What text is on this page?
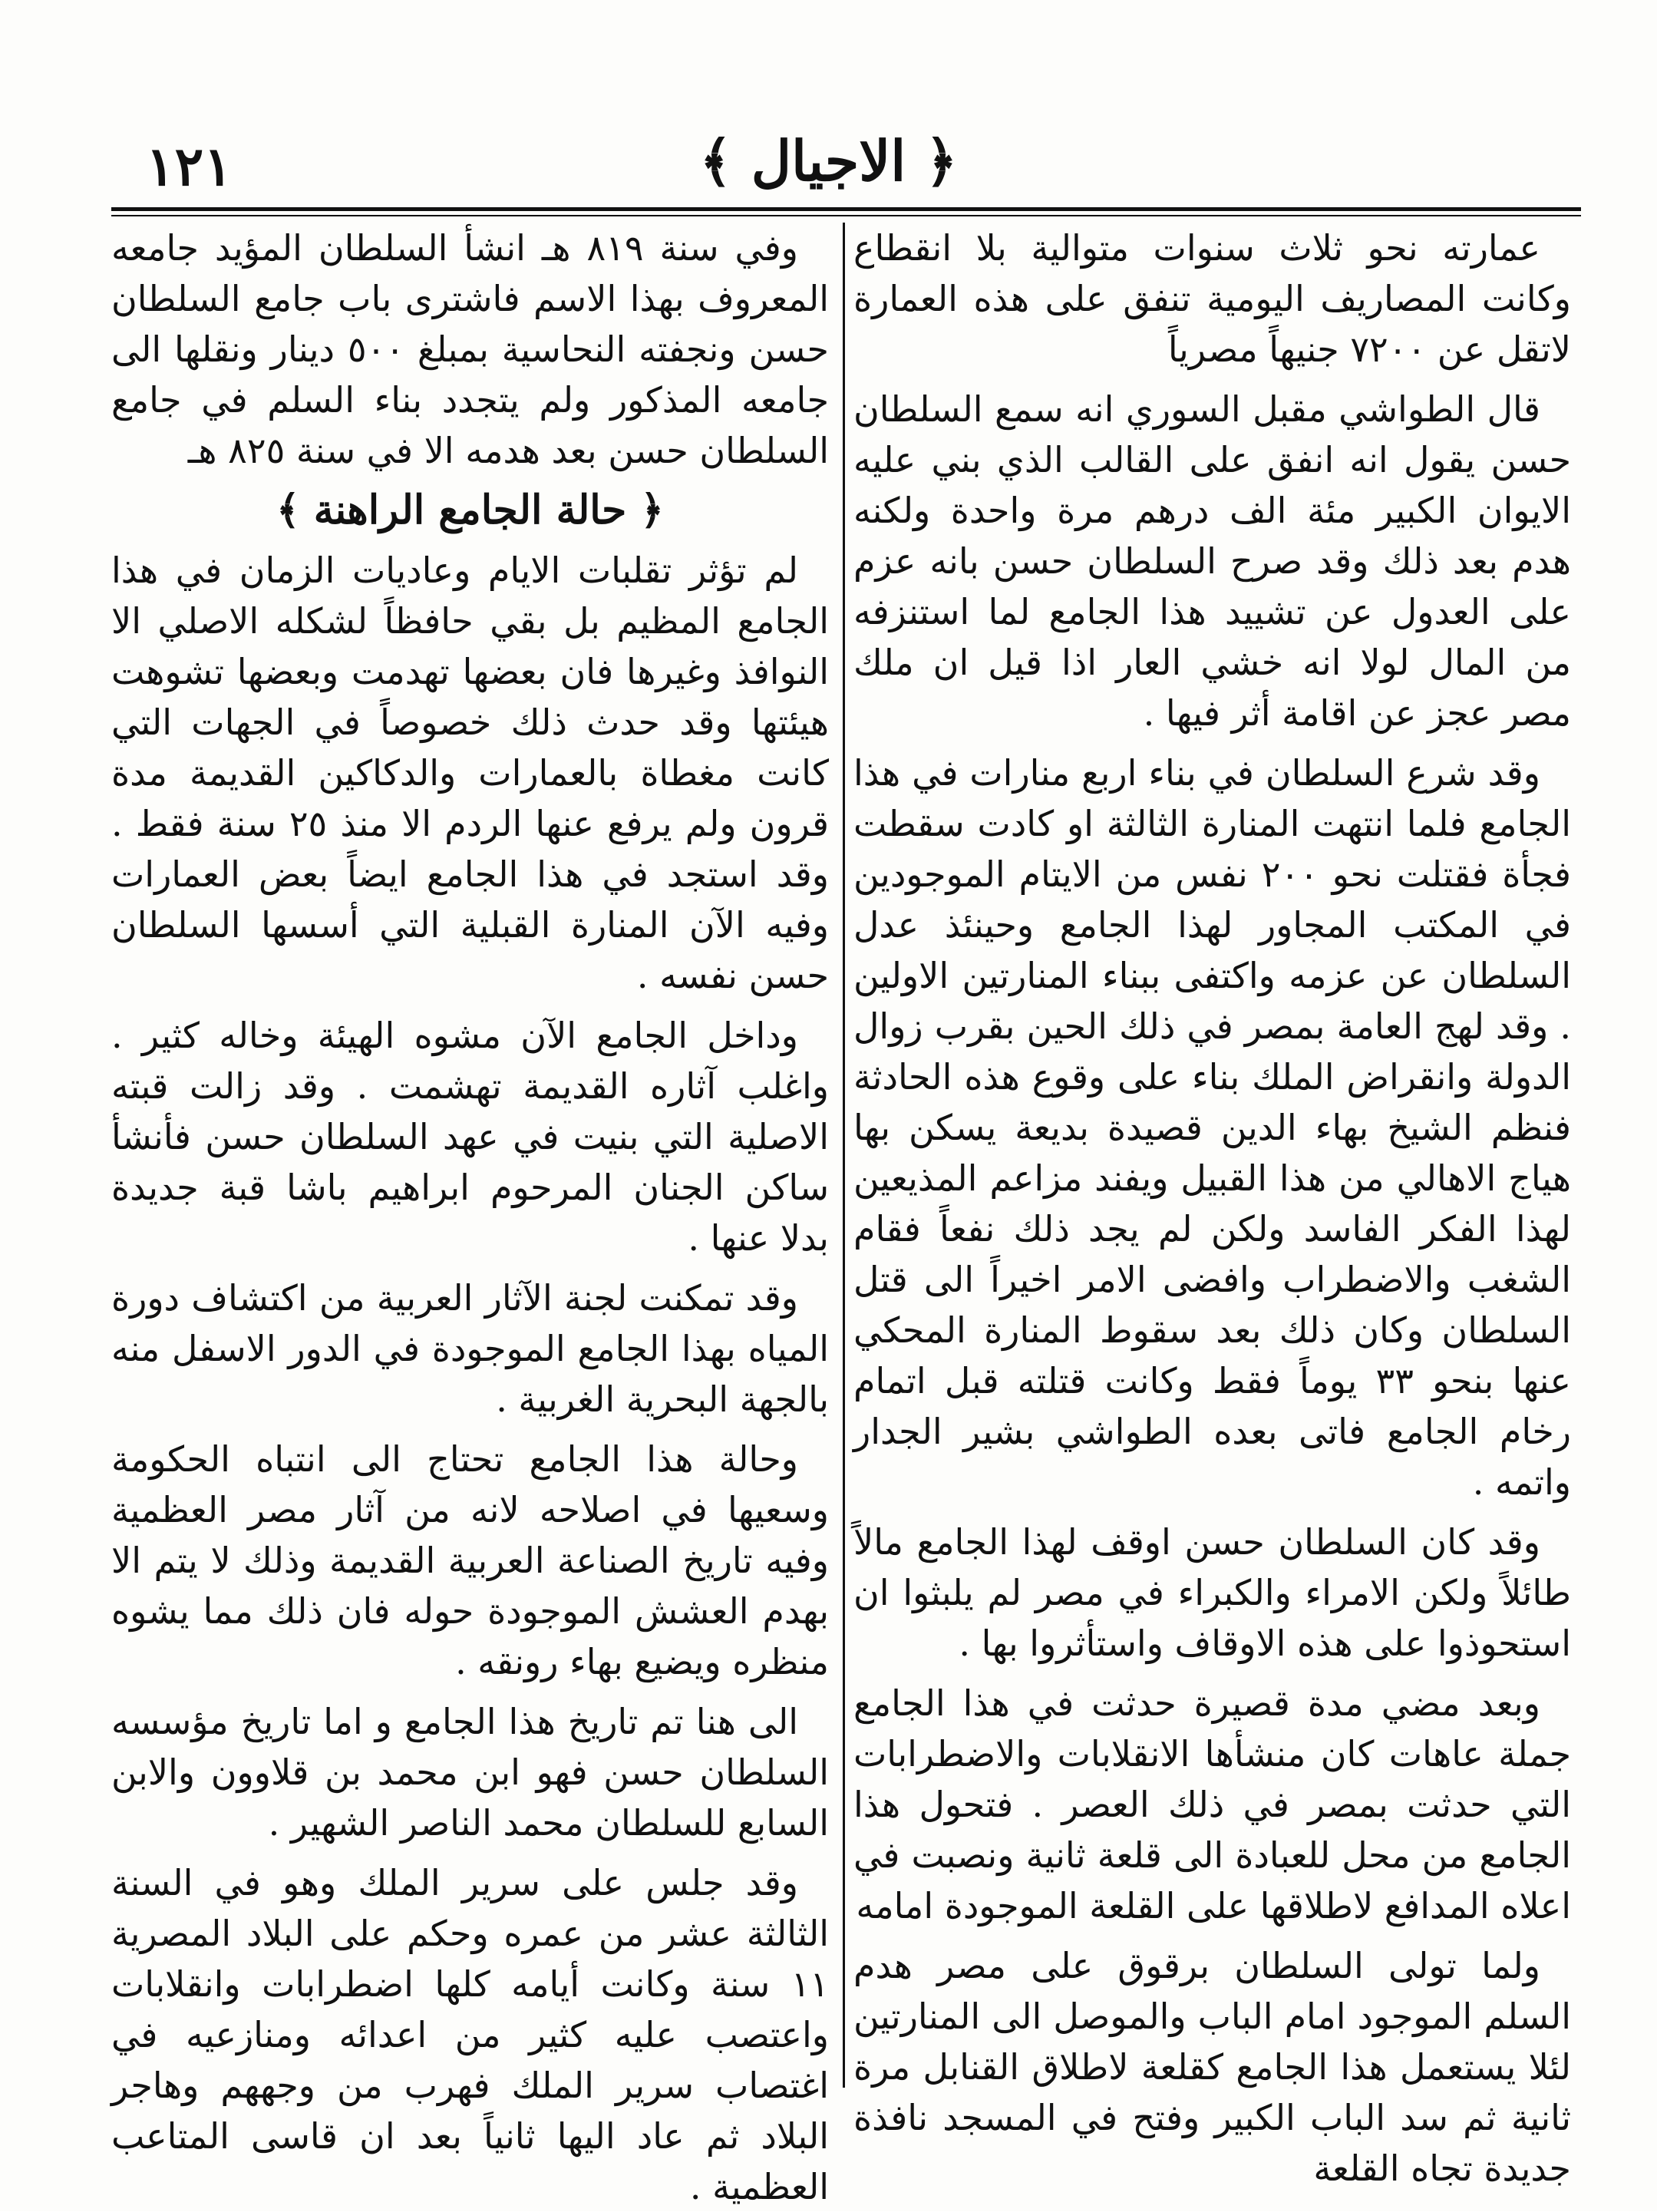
﴿ الاجيال ﴾
١٢١

عمارته نحو ثلاث سنوات متوالية بلا انقطاع وكانت المصاريف اليومية تنفق على هذه العمارة لاتقل عن ٧٢٠٠ جنيهاً مصرياً

قال الطواشي مقبل السوري انه سمع السلطان حسن يقول انه انفق على القالب الذي بني عليه الايوان الكبير مئة الف درهم مرة واحدة ولكنه هدم بعد ذلك وقد صرح السلطان حسن بانه عزم على العدول عن تشييد هذا الجامع لما استنزفه من المال لولا انه خشي العار اذا قيل ان ملك مصر عجز عن اقامة أثر فيها .

وقد شرع السلطان في بناء اربع منارات في هذا الجامع فلما انتهت المنارة الثالثة او كادت سقطت فجأة فقتلت نحو ٢٠٠ نفس من الايتام الموجودين في المكتب المجاور لهذا الجامع وحينئذ عدل السلطان عن عزمه واكتفى ببناء المنارتين الاولين . وقد لهج العامة بمصر في ذلك الحين بقرب زوال الدولة وانقراض الملك بناء على وقوع هذه الحادثة فنظم الشيخ بهاء الدين قصيدة بديعة يسكن بها هياج الاهالي من هذا القبيل ويفند مزاعم المذيعين لهذا الفكر الفاسد ولكن لم يجد ذلك نفعاً فقام الشغب والاضطراب وافضى الامر اخيراً الى قتل السلطان وكان ذلك بعد سقوط المنارة المحكي عنها بنحو ٣٣ يوماً فقط وكانت قتلته قبل اتمام رخام الجامع فاتى بعده الطواشي بشير الجدار واتمه .

وقد كان السلطان حسن اوقف لهذا الجامع مالاً طائلاً ولكن الامراء والكبراء في مصر لم يلبثوا ان استحوذوا على هذه الاوقاف واستأثروا بها .

وبعد مضي مدة قصيرة حدثت في هذا الجامع جملة عاهات كان منشأها الانقلابات والاضطرابات التي حدثت بمصر في ذلك العصر . فتحول هذا الجامع من محل للعبادة الى قلعة ثانية ونصبت في اعلاه المدافع لاطلاقها على القلعة الموجودة امامه

ولما تولى السلطان برقوق على مصر هدم السلم الموجود امام الباب والموصل الى المنارتين لئلا يستعمل هذا الجامع كقلعة لاطلاق القنابل مرة ثانية ثم سد الباب الكبير وفتح في المسجد نافذة جديدة تجاه القلعة

وفي سنة ٨١٩ هـ انشأ السلطان المؤيد جامعه المعروف بهذا الاسم فاشترى باب جامع السلطان حسن ونجفته النحاسية بمبلغ ٥٠٠ دينار ونقلها الى جامعه المذكور ولم يتجدد بناء السلم في جامع السلطان حسن بعد هدمه الا في سنة ٨٢٥ هـ

﴿ حالة الجامع الراهنة ﴾

لم تؤثر تقلبات الايام وعاديات الزمان في هذا الجامع المظيم بل بقي حافظاً لشكله الاصلي الا النوافذ وغيرها فان بعضها تهدمت وبعضها تشوهت هيئتها وقد حدث ذلك خصوصاً في الجهات التي كانت مغطاة بالعمارات والدكاكين القديمة مدة قرون ولم يرفع عنها الردم الا منذ ٢٥ سنة فقط . وقد استجد في هذا الجامع ايضاً بعض العمارات وفيه الآن المنارة القبلية التي أسسها السلطان حسن نفسه .

وداخل الجامع الآن مشوه الهيئة وخاله كثير . واغلب آثاره القديمة تهشمت . وقد زالت قبته الاصلية التي بنيت في عهد السلطان حسن فأنشأ ساكن الجنان المرحوم ابراهيم باشا قبة جديدة بدلا عنها .

وقد تمكنت لجنة الآثار العربية من اكتشاف دورة المياه بهذا الجامع الموجودة في الدور الاسفل منه بالجهة البحرية الغربية .

وحالة هذا الجامع تحتاج الى انتباه الحكومة وسعيها في اصلاحه لانه من آثار مصر العظمية وفيه تاريخ الصناعة العربية القديمة وذلك لا يتم الا بهدم العشش الموجودة حوله فان ذلك مما يشوه منظره ويضيع بهاء رونقه .

الى هنا تم تاريخ هذا الجامع و اما تاريخ مؤسسه السلطان حسن فهو ابن محمد بن قلاوون والابن السابع للسلطان محمد الناصر الشهير .

وقد جلس على سرير الملك وهو في السنة الثالثة عشر من عمره وحكم على البلاد المصرية ١١ سنة وكانت أيامه كلها اضطرابات وانقلابات واعتصب عليه كثير من اعدائه ومنازعيه في اغتصاب سرير الملك فهرب من وجههم وهاجر البلاد ثم عاد اليها ثانياً بعد ان قاسى المتاعب العظمية .
